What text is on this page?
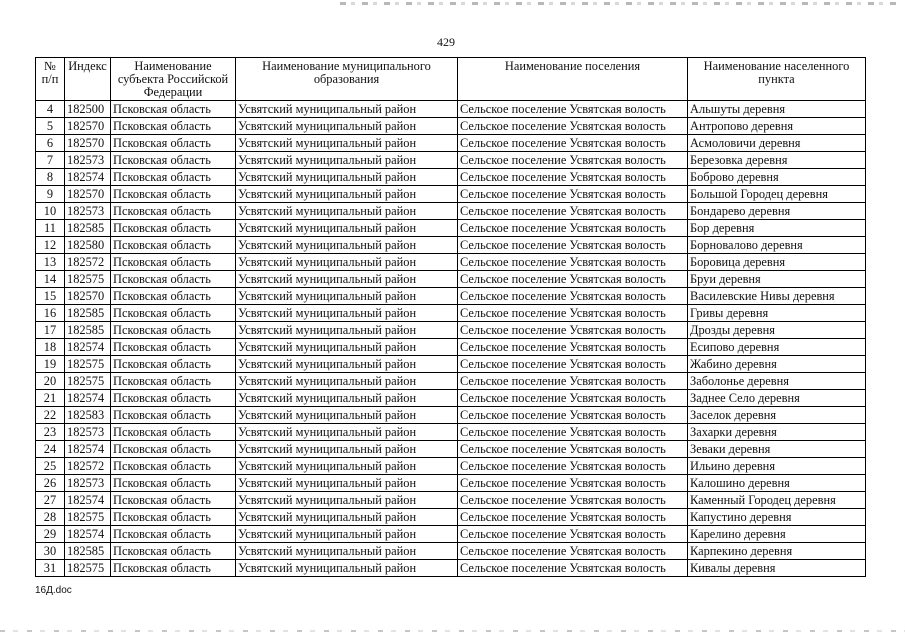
429
№ п/п	Индекс	Наименование субъекта Российской Федерации	Наименование муниципального образования	Наименование поселения	Наименование населенного пункта
4	182500	Псковская область	Усвятский муниципальный район	Сельское поселение Усвятская волость	Альшуты деревня
5	182570	Псковская область	Усвятский муниципальный район	Сельское поселение Усвятская волость	Антропово деревня
6	182570	Псковская область	Усвятский муниципальный район	Сельское поселение Усвятская волость	Асмоловичи деревня
7	182573	Псковская область	Усвятский муниципальный район	Сельское поселение Усвятская волость	Березовка деревня
8	182574	Псковская область	Усвятский муниципальный район	Сельское поселение Усвятская волость	Боброво деревня
9	182570	Псковская область	Усвятский муниципальный район	Сельское поселение Усвятская волость	Большой Городец деревня
10	182573	Псковская область	Усвятский муниципальный район	Сельское поселение Усвятская волость	Бондарево деревня
11	182585	Псковская область	Усвятский муниципальный район	Сельское поселение Усвятская волость	Бор деревня
12	182580	Псковская область	Усвятский муниципальный район	Сельское поселение Усвятская волость	Борновалово деревня
13	182572	Псковская область	Усвятский муниципальный район	Сельское поселение Усвятская волость	Боровица деревня
14	182575	Псковская область	Усвятский муниципальный район	Сельское поселение Усвятская волость	Бруи деревня
15	182570	Псковская область	Усвятский муниципальный район	Сельское поселение Усвятская волость	Василевские Нивы деревня
16	182585	Псковская область	Усвятский муниципальный район	Сельское поселение Усвятская волость	Гривы деревня
17	182585	Псковская область	Усвятский муниципальный район	Сельское поселение Усвятская волость	Дрозды деревня
18	182574	Псковская область	Усвятский муниципальный район	Сельское поселение Усвятская волость	Есипово деревня
19	182575	Псковская область	Усвятский муниципальный район	Сельское поселение Усвятская волость	Жабино деревня
20	182575	Псковская область	Усвятский муниципальный район	Сельское поселение Усвятская волость	Заболонье деревня
21	182574	Псковская область	Усвятский муниципальный район	Сельское поселение Усвятская волость	Заднее Село деревня
22	182583	Псковская область	Усвятский муниципальный район	Сельское поселение Усвятская волость	Заселок деревня
23	182573	Псковская область	Усвятский муниципальный район	Сельское поселение Усвятская волость	Захарки деревня
24	182574	Псковская область	Усвятский муниципальный район	Сельское поселение Усвятская волость	Зеваки деревня
25	182572	Псковская область	Усвятский муниципальный район	Сельское поселение Усвятская волость	Ильино деревня
26	182573	Псковская область	Усвятский муниципальный район	Сельское поселение Усвятская волость	Калошино деревня
27	182574	Псковская область	Усвятский муниципальный район	Сельское поселение Усвятская волость	Каменный Городец деревня
28	182575	Псковская область	Усвятский муниципальный район	Сельское поселение Усвятская волость	Капустино деревня
29	182574	Псковская область	Усвятский муниципальный район	Сельское поселение Усвятская волость	Карелино деревня
30	182585	Псковская область	Усвятский муниципальный район	Сельское поселение Усвятская волость	Карпекино деревня
31	182575	Псковская область	Усвятский муниципальный район	Сельское поселение Усвятская волость	Кивалы деревня
16Д.doc
